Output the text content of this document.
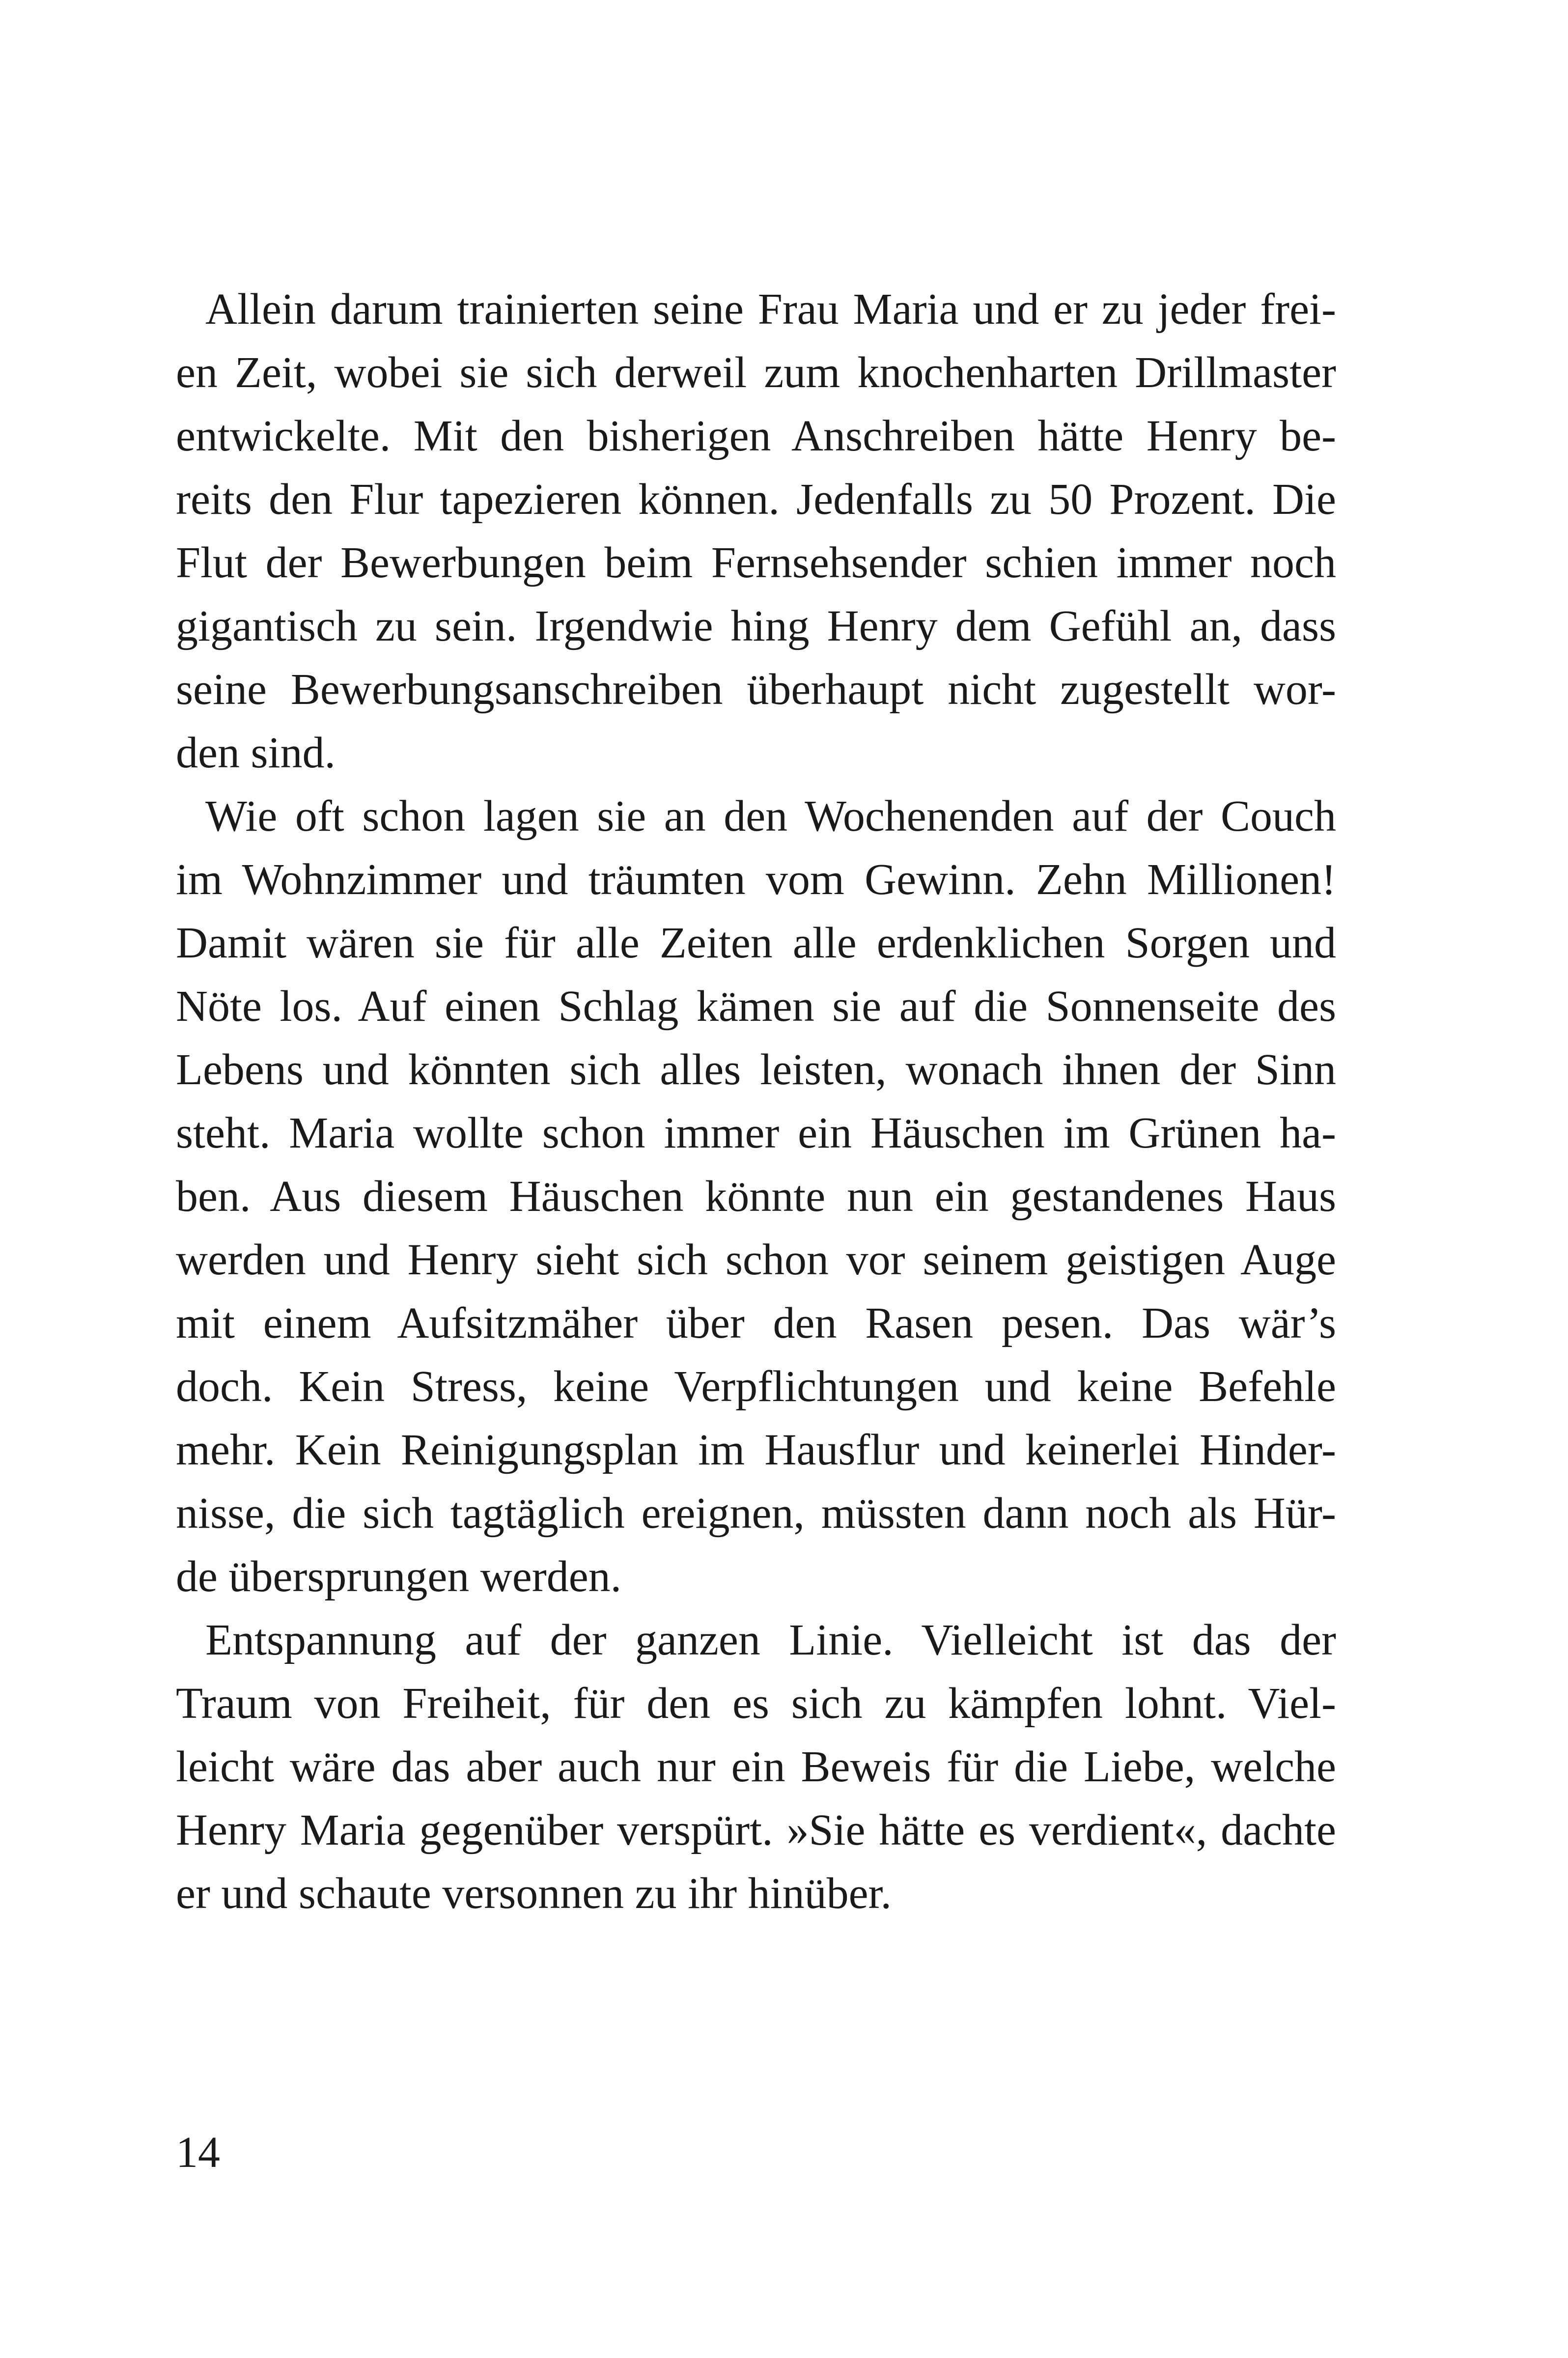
Allein darum trainierten seine Frau Maria und er zu jeder frei-
en Zeit, wobei sie sich derweil zum knochenharten Drillmaster
entwickelte. Mit den bisherigen Anschreiben hätte Henry be-
reits den Flur tapezieren können. Jedenfalls zu 50 Prozent. Die
Flut der Bewerbungen beim Fernsehsender schien immer noch
gigantisch zu sein. Irgendwie hing Henry dem Gefühl an, dass
seine Bewerbungsanschreiben überhaupt nicht zugestellt wor-
den sind.
Wie oft schon lagen sie an den Wochenenden auf der Couch
im Wohnzimmer und träumten vom Gewinn. Zehn Millionen!
Damit wären sie für alle Zeiten alle erdenklichen Sorgen und
Nöte los. Auf einen Schlag kämen sie auf die Sonnenseite des
Lebens und könnten sich alles leisten, wonach ihnen der Sinn
steht. Maria wollte schon immer ein Häuschen im Grünen ha-
ben. Aus diesem Häuschen könnte nun ein gestandenes Haus
werden und Henry sieht sich schon vor seinem geistigen Auge
mit einem Aufsitzmäher über den Rasen pesen. Das wär’s
doch. Kein Stress, keine Verpflichtungen und keine Befehle
mehr. Kein Reinigungsplan im Hausflur und keinerlei Hinder-
nisse, die sich tagtäglich ereignen, müssten dann noch als Hür-
de übersprungen werden.
Entspannung auf der ganzen Linie. Vielleicht ist das der
Traum von Freiheit, für den es sich zu kämpfen lohnt. Viel-
leicht wäre das aber auch nur ein Beweis für die Liebe, welche
Henry Maria gegenüber verspürt. »Sie hätte es verdient«, dachte
er und schaute versonnen zu ihr hinüber.
14
